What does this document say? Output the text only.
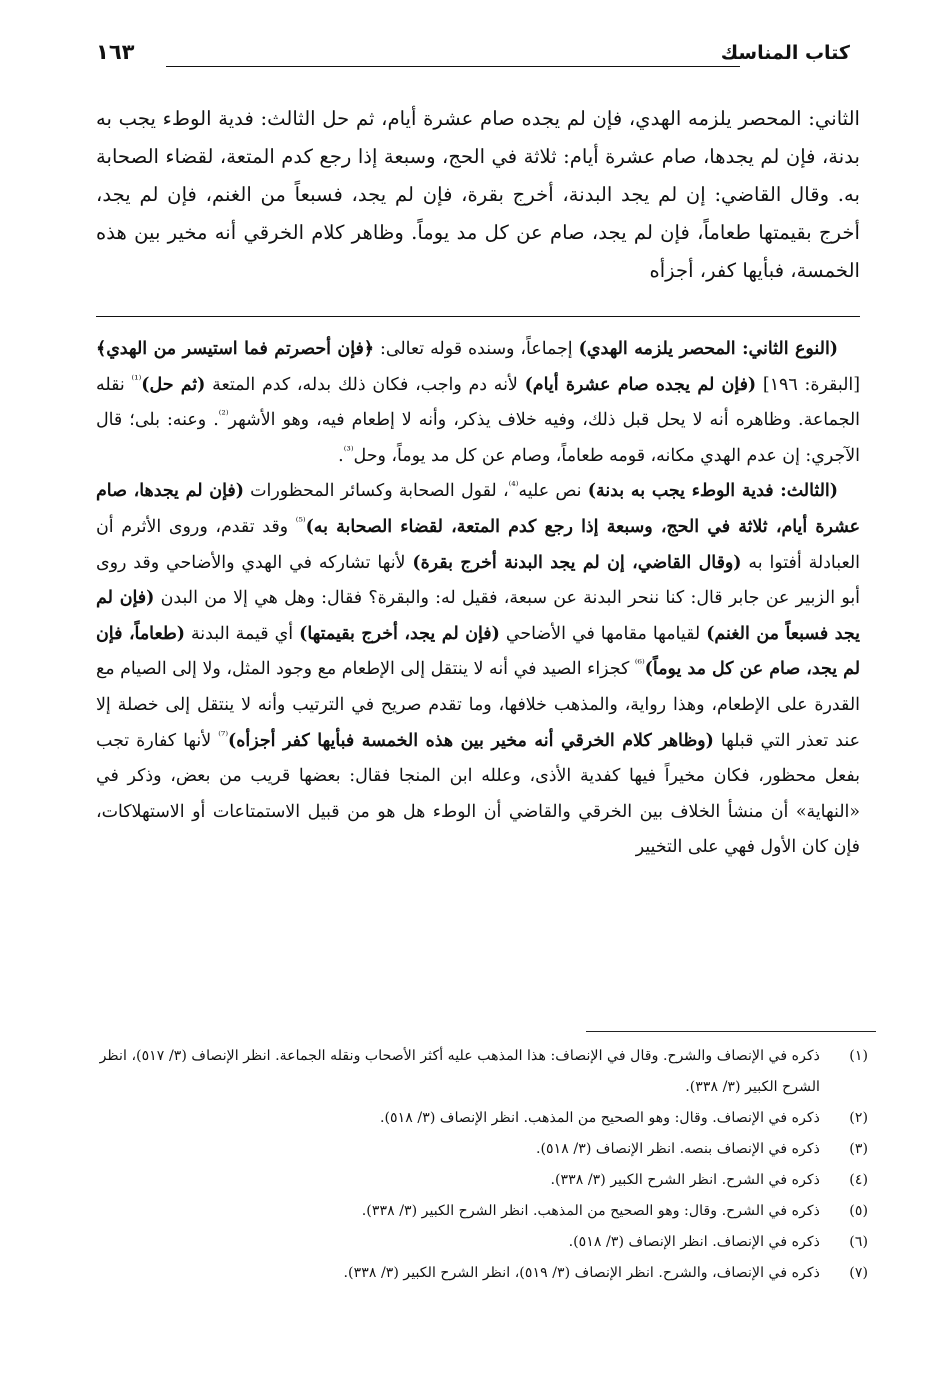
كتاب المناسك
١٦٣

الثاني: المحصر يلزمه الهدي، فإن لم يجده صام عشرة أيام، ثم حل الثالث: فدية الوطء يجب به بدنة، فإن لم يجدها، صام عشرة أيام: ثلاثة في الحج، وسبعة إذا رجع كدم المتعة، لقضاء الصحابة به. وقال القاضي: إن لم يجد البدنة، أخرج بقرة، فإن لم يجد، فسبعاً من الغنم، فإن لم يجد، أخرج بقيمتها طعاماً، فإن لم يجد، صام عن كل مد يوماً. وظاهر كلام الخرقي أنه مخير بين هذه الخمسة، فبأيها كفر، أجزأه

(النوع الثاني: المحصر يلزمه الهدي) إجماعاً، وسنده قوله تعالى: ﴿فإن أحصرتم فما استيسر من الهدي﴾ [البقرة: ١٩٦] (فإن لم يجده صام عشرة أيام) لأنه دم واجب، فكان ذلك بدله، كدم المتعة (ثم حل)$^{^{(1)}}$ نقله الجماعة. وظاهره أنه لا يحل قبل ذلك، وفيه خلاف يذكر، وأنه لا إطعام فيه، وهو الأشهر$^{^{(2)}}$. وعنه: بلى؛ قال الآجري: إن عدم الهدي مكانه، قومه طعاماً، وصام عن كل مد يوماً، وحل$^{^{(3)}}$.

(الثالث: فدية الوطء يجب به بدنة) نص عليه$^{^{(4)}}$، لقول الصحابة وكسائر المحظورات (فإن لم يجدها، صام عشرة أيام، ثلاثة في الحج، وسبعة إذا رجع كدم المتعة، لقضاء الصحابة به)$^{^{(5)}}$ وقد تقدم، وروى الأثرم أن العبادلة أفتوا به (وقال القاضي، إن لم يجد البدنة أخرج بقرة) لأنها تشاركه في الهدي والأضاحي وقد روى أبو الزبير عن جابر قال: كنا ننحر البدنة عن سبعة، فقيل له: والبقرة؟ فقال: وهل هي إلا من البدن (فإن لم يجد فسبعاً من الغنم) لقيامها مقامها في الأضاحي (فإن لم يجد، أخرج بقيمتها) أي قيمة البدنة (طعاماً، فإن لم يجد، صام عن كل مد يوماً)$^{^{(6)}}$ كجزاء الصيد في أنه لا ينتقل إلى الإطعام مع وجود المثل، ولا إلى الصيام مع القدرة على الإطعام، وهذا رواية، والمذهب خلافها، وما تقدم صريح في الترتيب وأنه لا ينتقل إلى خصلة إلا عند تعذر التي قبلها (وظاهر كلام الخرقي أنه مخير بين هذه الخمسة فبأيها كفر أجزأه)$^{^{(7)}}$ لأنها كفارة تجب بفعل محظور، فكان مخيراً فيها كفدية الأذى، وعلله ابن المنجا فقال: بعضها قريب من بعض، وذكر في «النهاية» أن منشأ الخلاف بين الخرقي والقاضي أن الوطء هل هو من قبيل الاستمتاعات أو الاستهلاكات، فإن كان الأول فهي على التخيير

(١)
ذكره في الإنصاف والشرح. وقال في الإنصاف: هذا المذهب عليه أكثر الأصحاب ونقله الجماعة. انظر الإنصاف (٣/ ٥١٧)، انظر الشرح الكبير (٣/ ٣٣٨).
(٢)
ذكره في الإنصاف. وقال: وهو الصحيح من المذهب. انظر الإنصاف (٣/ ٥١٨).
(٣)
ذكره في الإنصاف بنصه. انظر الإنصاف (٣/ ٥١٨).
(٤)
ذكره في الشرح. انظر الشرح الكبير (٣/ ٣٣٨).
(٥)
ذكره في الشرح. وقال: وهو الصحيح من المذهب. انظر الشرح الكبير (٣/ ٣٣٨).
(٦)
ذكره في الإنصاف. انظر الإنصاف (٣/ ٥١٨).
(٧)
ذكره في الإنصاف، والشرح. انظر الإنصاف (٣/ ٥١٩)، انظر الشرح الكبير (٣/ ٣٣٨).
